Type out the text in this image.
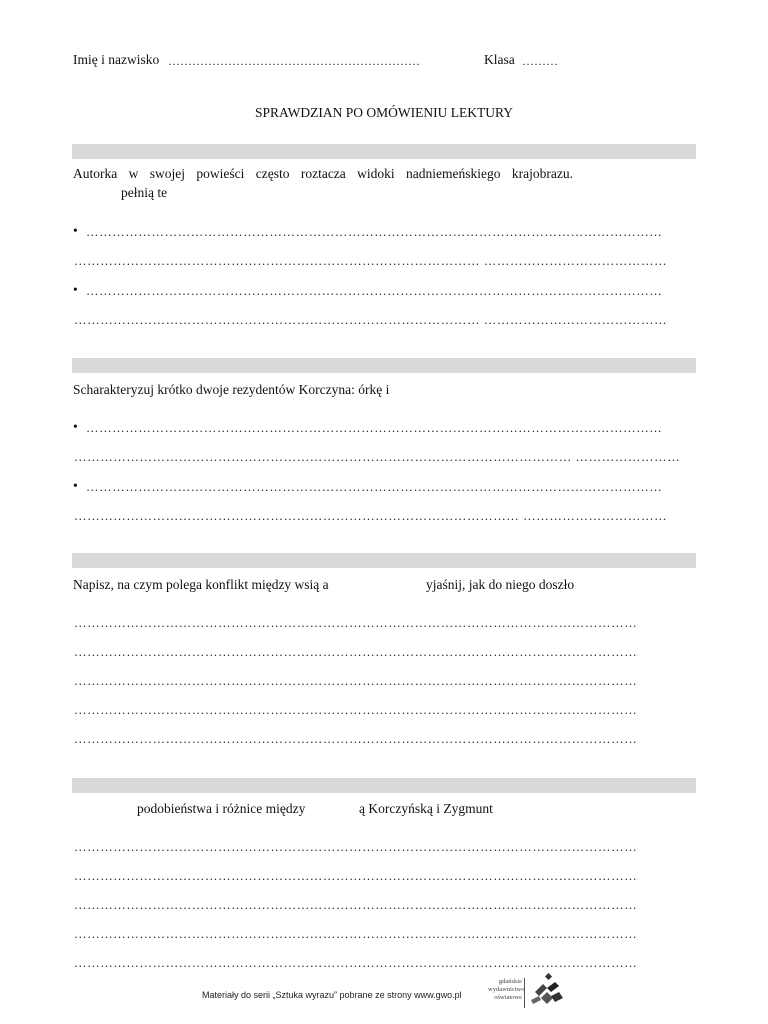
Imię i nazwisko ………………………………………………………	Klasa ………
SPRAWDZIAN PO OMÓWIENIU LEKTURY
Autorka w swojej powieści często roztacza widoki nadniemeńskiego krajobrazu.
pełnią te
• ……………………………………………………………………………………………………………………
………………………………………………………………………………… ……………………………………
• ……………………………………………………………………………………………………………………
………………………………………………………………………………… ……………………………………
Scharakteryzuj krótko dwoje rezydentów Korczyna: órkę i
• ……………………………………………………………………………………………………………………
…………………………………………………………………………………………………… ……………………
• ……………………………………………………………………………………………………………………
………………………………………………………………………………………… ……………………………
Napisz, na czym polega konflikt między wsią a	yjaśnij, jak do niego doszło
…………………………………………………………………………………………………………………
…………………………………………………………………………………………………………………
…………………………………………………………………………………………………………………
…………………………………………………………………………………………………………………
…………………………………………………………………………………………………………………
podobieństwa i różnice między	ą Korczyńską i Zygmunt
…………………………………………………………………………………………………………………
…………………………………………………………………………………………………………………
…………………………………………………………………………………………………………………
…………………………………………………………………………………………………………………
…………………………………………………………………………………………………………………
Materiały do serii „Sztuka wyrazu” pobrane ze strony www.gwo.pl
gdańskie
wydawnictwo
oświatowe
